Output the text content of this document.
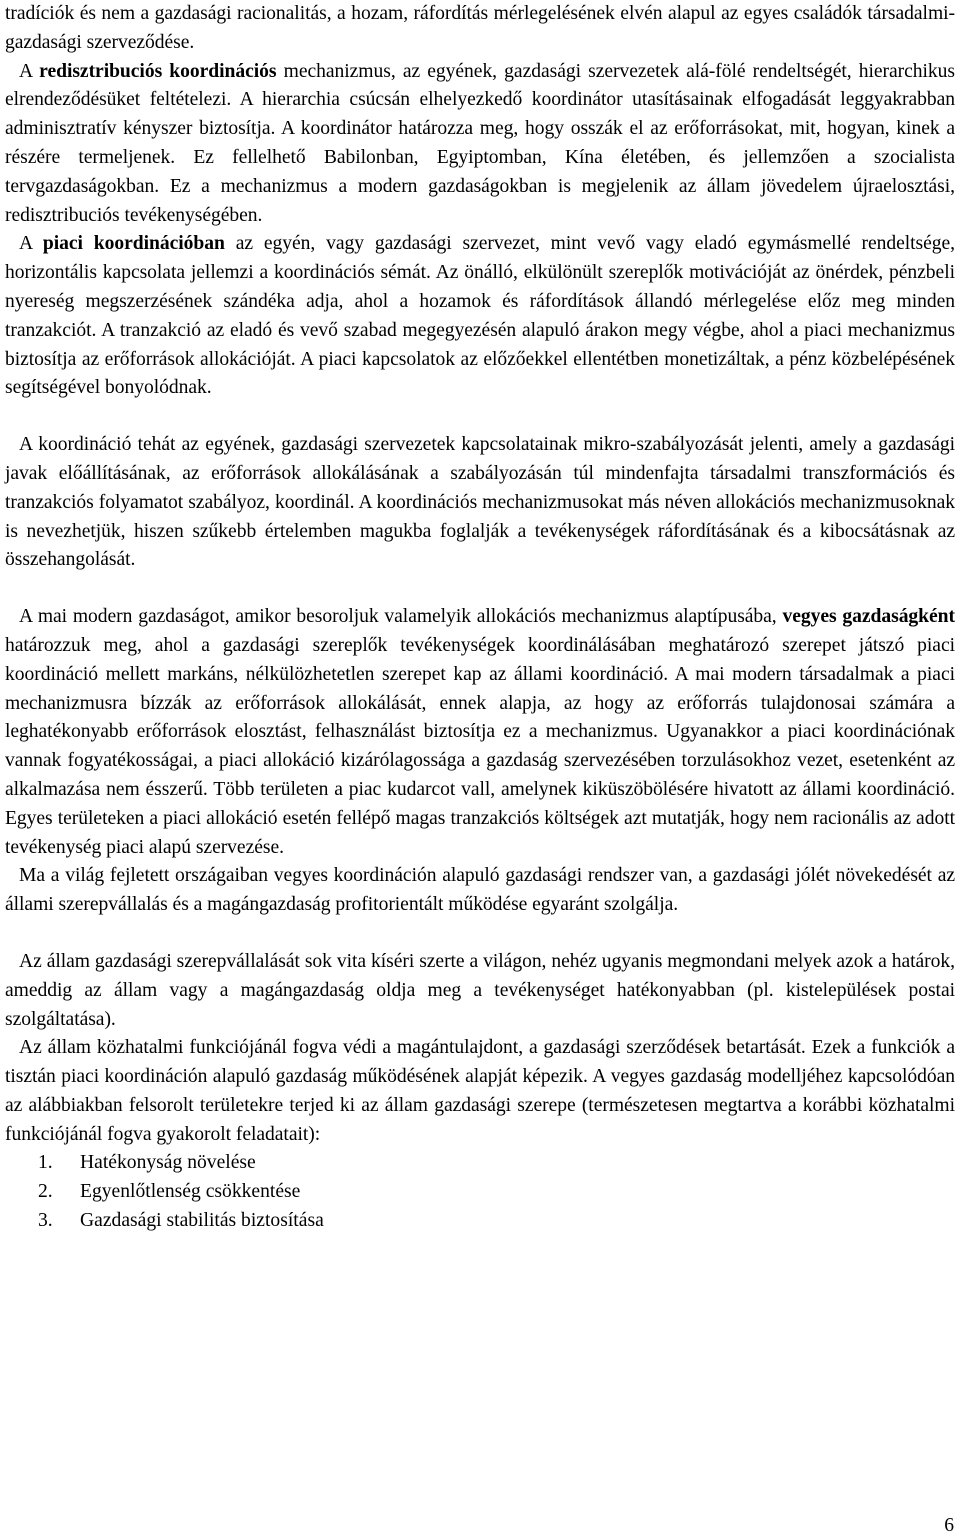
tradíciók és nem a gazdasági racionalitás, a hozam, ráfordítás mérlegelésének elvén alapul az egyes családók társadalmi-gazdasági szerveződése.

A redisztribuciós koordinációs mechanizmus, az egyének, gazdasági szervezetek alá-fölé rendeltségét, hierarchikus elrendeződésüket feltételezi. A hierarchia csúcsán elhelyezkedő koordinátor utasításainak elfogadását leggyakrabban adminisztratív kényszer biztosítja. A koordinátor határozza meg, hogy osszák el az erőforrásokat, mit, hogyan, kinek a részére termeljenek. Ez fellelhető Babilonban, Egyiptomban, Kína életében, és jellemzően a szocialista tervgazdaságokban. Ez a mechanizmus a modern gazdaságokban is megjelenik az állam jövedelem újraelosztási, redisztribuciós tevékenységében.

A piaci koordinációban az egyén, vagy gazdasági szervezet, mint vevő vagy eladó egymásmellé rendeltsége, horizontális kapcsolata jellemzi a koordinációs sémát. Az önálló, elkülönült szereplők motivációját az önérdek, pénzbeli nyereség megszerzésének szándéka adja, ahol a hozamok és ráfordítások állandó mérlegelése előz meg minden tranzakciót. A tranzakció az eladó és vevő szabad megegyezésén alapuló árakon megy végbe, ahol a piaci mechanizmus biztosítja az erőforrások allokációját. A piaci kapcsolatok az előzőekkel ellentétben monetizáltak, a pénz közbelépésének segítségével bonyolódnak.

A koordináció tehát az egyének, gazdasági szervezetek kapcsolatainak mikro-szabályozását jelenti, amely a gazdasági javak előállításának, az erőforrások allokálásának a szabályozásán túl mindenfajta társadalmi transzformációs és tranzakciós folyamatot szabályoz, koordinál. A koordinációs mechanizmusokat más néven allokációs mechanizmusoknak is nevezhetjük, hiszen szűkebb értelemben magukba foglalják a tevékenységek ráfordításának és a kibocsátásnak az összehangolását.

A mai modern gazdaságot, amikor besoroljuk valamelyik allokációs mechanizmus alaptípusába, vegyes gazdaságként határozzuk meg, ahol a gazdasági szereplők tevékenységek koordinálásában meghatározó szerepet játszó piaci koordináció mellett markáns, nélkülözhetetlen szerepet kap az állami koordináció. A mai modern társadalmak a piaci mechanizmusra bízzák az erőforrások allokálását, ennek alapja, az hogy az erőforrás tulajdonosai számára a leghatékonyabb erőforrások elosztást, felhasználást biztosítja ez a mechanizmus. Ugyanakkor a piaci koordinációnak vannak fogyatékosságai, a piaci allokáció kizárólagossága a gazdaság szervezésében torzulásokhoz vezet, esetenként az alkalmazása nem ésszerű. Több területen a piac kudarcot vall, amelynek kiküszöbölésére hivatott az állami koordináció. Egyes területeken a piaci allokáció esetén fellépő magas tranzakciós költségek azt mutatják, hogy nem racionális az adott tevékenység piaci alapú szervezése.

Ma a világ fejletett országaiban vegyes koordináción alapuló gazdasági rendszer van, a gazdasági jólét növekedését az állami szerepvállalás és a magángazdaság profitorientált működése egyaránt szolgálja.

Az állam gazdasági szerepvállalását sok vita kíséri szerte a világon, nehéz ugyanis megmondani melyek azok a határok, ameddig az állam vagy a magángazdaság oldja meg a tevékenységet hatékonyabban (pl. kistelepülések postai szolgáltatása).

Az állam közhatalmi funkciójánál fogva védi a magántulajdont, a gazdasági szerződések betartását. Ezek a funkciók a tisztán piaci koordináción alapuló gazdaság működésének alapját képezik. A vegyes gazdaság modelljéhez kapcsolódóan az alábbiakban felsorolt területekre terjed ki az állam gazdasági szerepe (természetesen megtartva a korábbi közhatalmi funkciójánál fogva gyakorolt feladatait):

1. Hatékonyság növelése
2. Egyenlőtlenség csökkentése
3. Gazdasági stabilitás biztosítása
6
